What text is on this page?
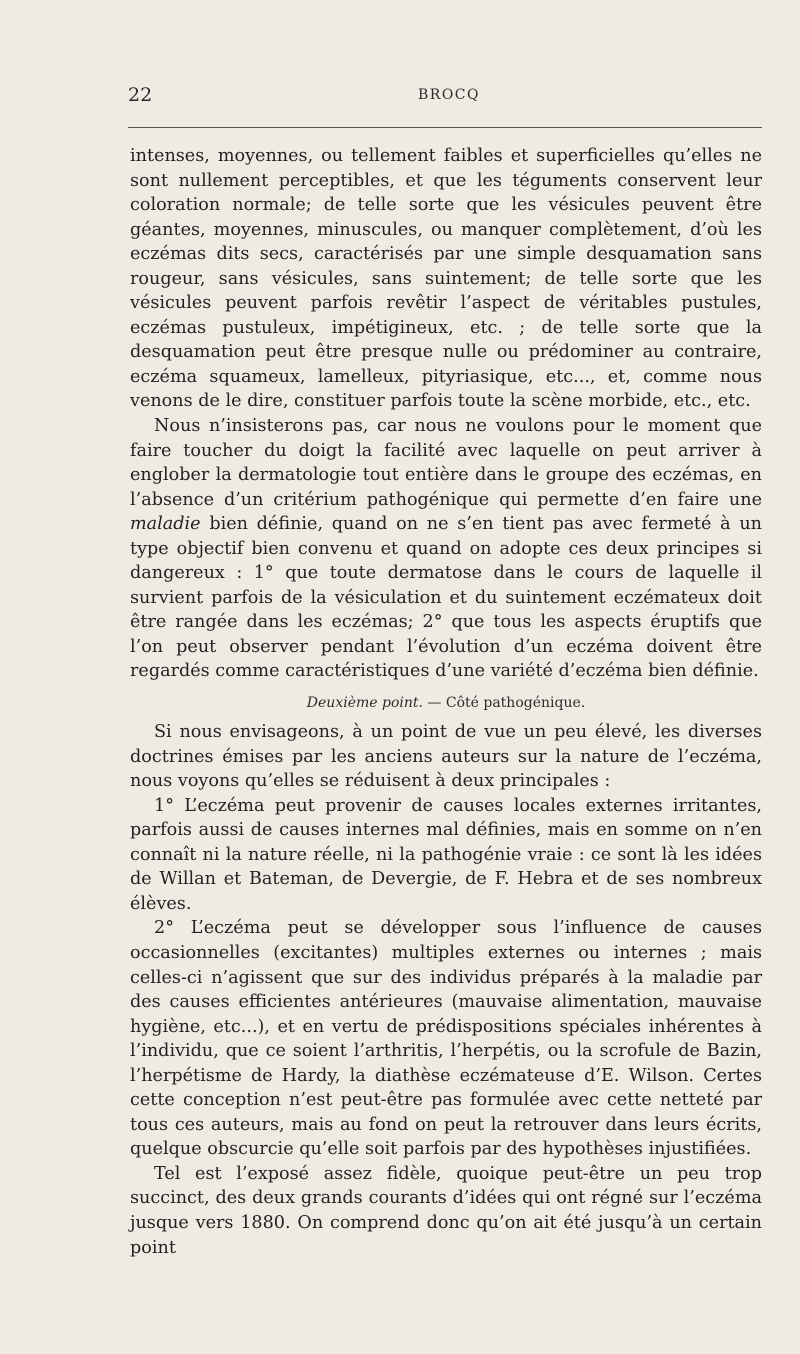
22	BROCQ

intenses, moyennes, ou tellement faibles et superficielles qu’elles ne sont nullement perceptibles, et que les téguments conservent leur coloration normale; de telle sorte que les vésicules peuvent être géantes, moyennes, minuscules, ou manquer complètement, d’où les eczémas dits secs, caractérisés par une simple desquamation sans rougeur, sans vésicules, sans suintement; de telle sorte que les vésicules peuvent parfois revêtir l’aspect de véritables pustules, eczémas pustuleux, impétigineux, etc. ; de telle sorte que la desquamation peut être presque nulle ou prédominer au contraire, eczéma squameux, lamelleux, pityriasique, etc..., et, comme nous venons de le dire, constituer parfois toute la scène morbide, etc., etc.

Nous n’insisterons pas, car nous ne voulons pour le moment que faire toucher du doigt la facilité avec laquelle on peut arriver à englober la dermatologie tout entière dans le groupe des eczémas, en l’absence d’un critérium pathogénique qui permette d’en faire une maladie bien définie, quand on ne s’en tient pas avec fermeté à un type objectif bien convenu et quand on adopte ces deux principes si dangereux : 1° que toute dermatose dans le cours de laquelle il survient parfois de la vésiculation et du suintement eczémateux doit être rangée dans les eczémas; 2° que tous les aspects éruptifs que l’on peut observer pendant l’évolution d’un eczéma doivent être regardés comme caractéristiques d’une variété d’eczéma bien définie.

Deuxième point. — Côté pathogénique.

Si nous envisageons, à un point de vue un peu élevé, les diverses doctrines émises par les anciens auteurs sur la nature de l’eczéma, nous voyons qu’elles se réduisent à deux principales :

1° L’eczéma peut provenir de causes locales externes irritantes, parfois aussi de causes internes mal définies, mais en somme on n’en connaît ni la nature réelle, ni la pathogénie vraie : ce sont là les idées de Willan et Bateman, de Devergie, de F. Hebra et de ses nombreux élèves.

2° L’eczéma peut se développer sous l’influence de causes occasionnelles (excitantes) multiples externes ou internes ; mais celles-ci n’agissent que sur des individus préparés à la maladie par des causes efficientes antérieures (mauvaise alimentation, mauvaise hygiène, etc...), et en vertu de prédispositions spéciales inhérentes à l’individu, que ce soient l’arthritis, l’herpétis, ou la scrofule de Bazin, l’herpétisme de Hardy, la diathèse eczémateuse d’E. Wilson. Certes cette conception n’est peut-être pas formulée avec cette netteté par tous ces auteurs, mais au fond on peut la retrouver dans leurs écrits, quelque obscurcie qu’elle soit parfois par des hypothèses injustifiées.

Tel est l’exposé assez fidèle, quoique peut-être un peu trop succinct, des deux grands courants d’idées qui ont régné sur l’eczéma jusque vers 1880. On comprend donc qu’on ait été jusqu’à un certain point
